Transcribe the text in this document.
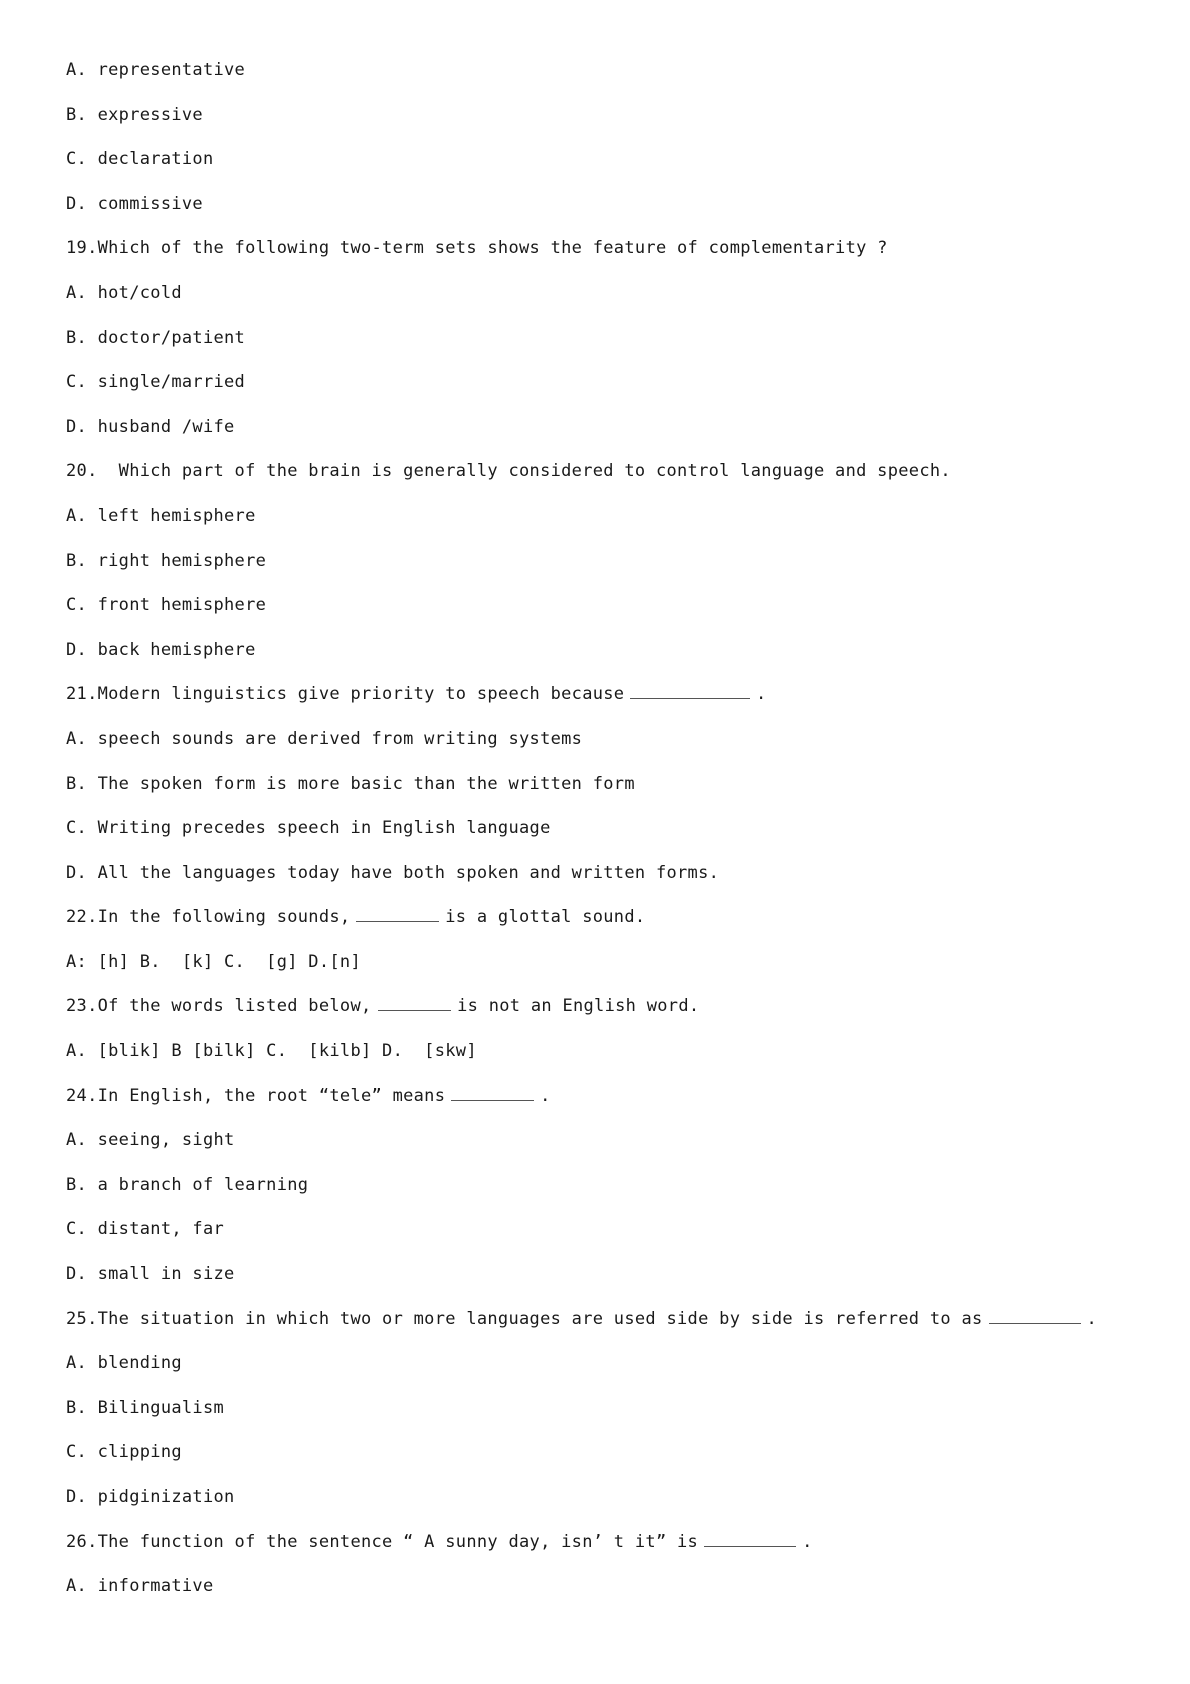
A. representative
B. expressive
C. declaration
D. commissive
19.Which of the following two-term sets shows the feature of complementarity ?
A. hot/cold
B. doctor/patient
C. single/married
D. husband /wife
20.  Which part of the brain is generally considered to control language and speech.
A. left hemisphere
B. right hemisphere
C. front hemisphere
D. back hemisphere
21.Modern linguistics give priority to speech because	.
A. speech sounds are derived from writing systems
B. The spoken form is more basic than the written form
C. Writing precedes speech in English language
D. All the languages today have both spoken and written forms.
22.In the following sounds,	is a glottal sound.
A: [h] B.  [k] C.  [g] D.[n]
23.Of the words listed below,	is not an English word.
A. [blik] B [bilk] C.  [kilb] D.  [skw]
24.In English, the root “tele” means	.
A. seeing, sight
B. a branch of learning
C. distant, far
D. small in size
25.The situation in which two or more languages are used side by side is referred to as	.
A. blending
B. Bilingualism
C. clipping
D. pidginization
26.The function of the sentence “ A sunny day, isn’ t it” is	.
A. informative
